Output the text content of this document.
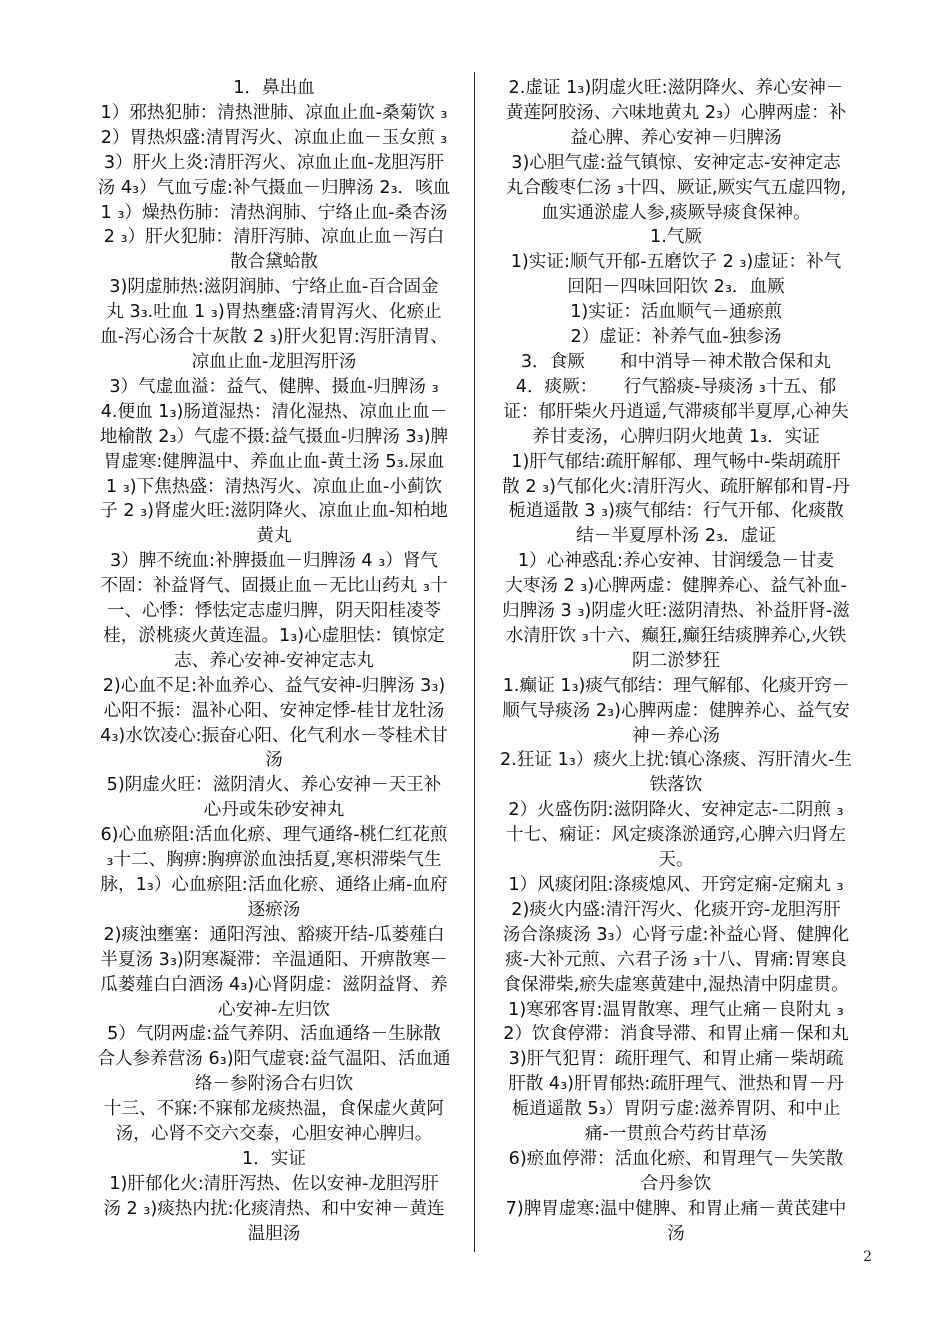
1．鼻出血
1）邪热犯肺：清热泄肺、凉血止血-桑菊饮 ₃
2）胃热炽盛:清胃泻火、凉血止血－玉女煎 ₃
3）肝火上炎:清肝泻火、凉血止血-龙胆泻肝
汤 4₃）气血亏虚:补气摄血－归脾汤 2₃．咳血
1 ₃）燥热伤肺：清热润肺、宁络止血-桑杏汤
2 ₃）肝火犯肺：清肝泻肺、凉血止血－泻白
散合黛蛤散
3)阴虚肺热:滋阴润肺、宁络止血-百合固金
丸 3₃.吐血 1 ₃)胃热壅盛:清胃泻火、化瘀止
血-泻心汤合十灰散 2 ₃)肝火犯胃:泻肝清胃、
凉血止血-龙胆泻肝汤
3）气虚血溢：益气、健脾、摄血-归脾汤 ₃
4.便血 1₃)肠道湿热：清化湿热、凉血止血－
地榆散 2₃）气虚不摄:益气摄血-归脾汤 3₃)脾
胃虚寒:健脾温中、养血止血-黄土汤 5₃.尿血
1 ₃)下焦热盛：清热泻火、凉血止血-小蓟饮
子 2 ₃)肾虚火旺:滋阴降火、凉血止血-知柏地
黄丸
3）脾不统血:补脾摄血－归脾汤 4 ₃）肾气
不固：补益肾气、固摄止血－无比山药丸 ₃十
一、心悸：悸怯定志虚归脾，阴天阳桂凌苓
桂，淤桃痰火黄连温。1₃)心虚胆怯：镇惊定
志、养心安神-安神定志丸
2)心血不足:补血养心、益气安神-归脾汤 3₃)
心阳不振：温补心阳、安神定悸-桂甘龙牡汤
4₃)水饮凌心:振奋心阳、化气利水－苓桂术甘
汤
5)阴虚火旺：滋阴清火、养心安神－天王补
心丹或朱砂安神丸
6)心血瘀阻:活血化瘀、理气通络-桃仁红花煎
₃十二、胸痹:胸痹淤血浊括夏,寒枳滞柴气生
脉，1₃）心血瘀阻:活血化瘀、通络止痛-血府
逐瘀汤
2)痰浊壅塞：通阳泻浊、豁痰开结-瓜蒌薤白
半夏汤 3₃)阴寒凝滞：辛温通阳、开痹散寒－
瓜蒌薤白白酒汤 4₃)心肾阴虚：滋阴益肾、养
心安神-左归饮
5）气阴两虚:益气养阴、活血通络－生脉散
合人参养营汤 6₃)阳气虚衰:益气温阳、活血通
络－参附汤合右归饮
十三、不寐:不寐郁龙痰热温，食保虚火黄阿
汤，心肾不交六交泰，心胆安神心脾归。
1．实证
1)肝郁化火:清肝泻热、佐以安神-龙胆泻肝
汤 2 ₃)痰热内扰:化痰清热、和中安神－黄连
温胆汤
2.虚证 1₃)阴虚火旺:滋阴降火、养心安神－
黄莲阿胶汤、六味地黄丸 2₃）心脾两虚：补
益心脾、养心安神－归脾汤
3)心胆气虚:益气镇惊、安神定志-安神定志
丸合酸枣仁汤 ₃十四、厥证,厥实气五虚四物,
血实通淤虚人参,痰厥导痰食保神。
1.气厥
1)实证:顺气开郁-五磨饮子 2 ₃)虚证：补气
回阳－四味回阳饮 2₃．血厥
1)实证：活血顺气－通瘀煎
2）虚证：补养气血-独参汤
3．食厥　　和中消导－神术散合保和丸
4．痰厥：　　行气豁痰-导痰汤 ₃十五、郁
证：郁肝柴火丹逍遥,气滞痰郁半夏厚,心神失
养甘麦汤，心脾归阴火地黄 1₃．实证
1)肝气郁结:疏肝解郁、理气畅中-柴胡疏肝
散 2 ₃)气郁化火:清肝泻火、疏肝解郁和胃-丹
栀逍遥散 3 ₃)痰气郁结：行气开郁、化痰散
结－半夏厚朴汤 2₃．虚证
1）心神惑乱:养心安神、甘润缓急－甘麦
大枣汤 2 ₃)心脾两虚：健脾养心、益气补血-
归脾汤 3 ₃)阴虚火旺:滋阴清热、补益肝肾-滋
水清肝饮 ₃十六、癫狂,癫狂结痰脾养心,火铁
阴二淤梦狂
1.癫证 1₃)痰气郁结：理气解郁、化痰开窍－
顺气导痰汤 2₃)心脾两虚：健脾养心、益气安
神－养心汤
2.狂证 1₃）痰火上扰:镇心涤痰、泻肝清火-生
铁落饮
2）火盛伤阴:滋阴降火、安神定志-二阴煎 ₃
十七、痫证：风定痰涤淤通窍,心脾六归肾左
天。
1）风痰闭阻:涤痰熄风、开窍定痫-定痫丸 ₃
2)痰火内盛:清汗泻火、化痰开窍-龙胆泻肝
汤合涤痰汤 3₃）心肾亏虚:补益心肾、健脾化
痰-大补元煎、六君子汤 ₃十八、胃痛:胃寒良
食保滞柴,瘀失虚寒黄建中,湿热清中阴虚贯。
1)寒邪客胃:温胃散寒、理气止痛－良附丸 ₃
2）饮食停滞：消食导滞、和胃止痛－保和丸
3)肝气犯胃：疏肝理气、和胃止痛－柴胡疏
肝散 4₃)肝胃郁热:疏肝理气、泄热和胃－丹
栀逍遥散 5₃）胃阴亏虚:滋养胃阴、和中止
痛-一贯煎合芍药甘草汤
6)瘀血停滞：活血化瘀、和胃理气－失笑散
合丹参饮
7)脾胃虚寒:温中健脾、和胃止痛－黄芪建中
汤
2
